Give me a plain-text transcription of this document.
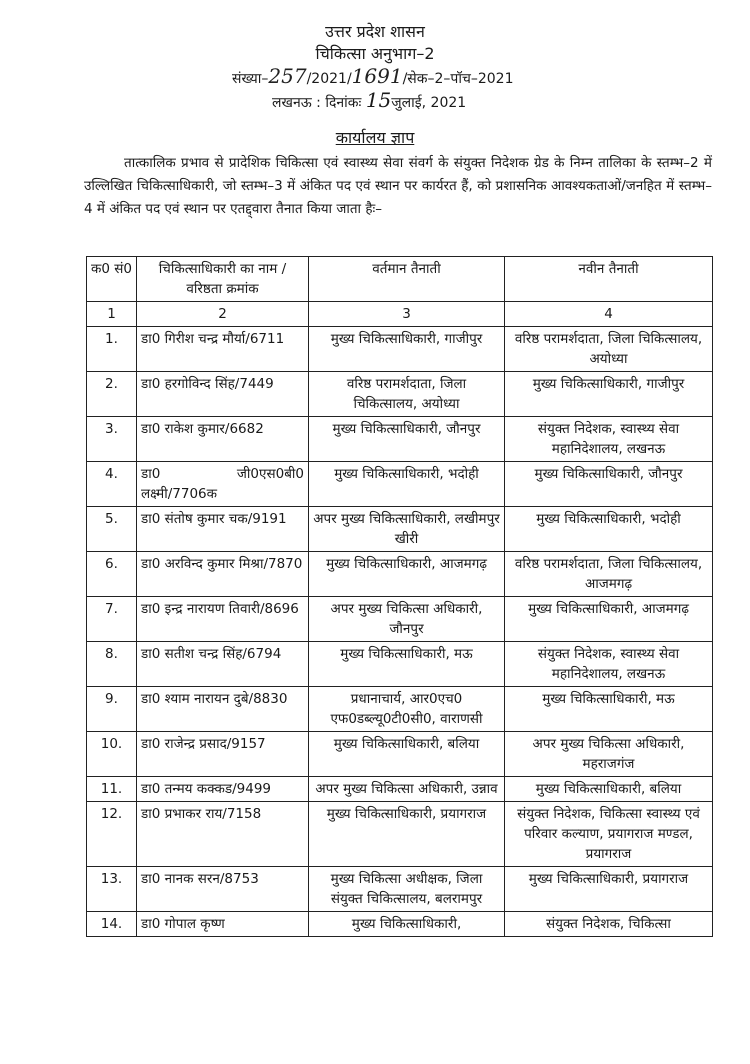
उत्तर प्रदेश शासन
चिकित्सा अनुभाग–2
संख्या–257/2021/1691/सेक–2–पॉच–2021
लखनऊ : दिनांकः 15जुलाई, 2021
कार्यालय ज्ञाप
तात्कालिक प्रभाव से प्रादेशिक चिकित्सा एवं स्वास्थ्य सेवा संवर्ग के संयुक्त निदेशक ग्रेड के निम्न तालिका के स्तम्भ–2 में उल्लिखित चिकित्साधिकारी, जो स्तम्भ–3 में अंकित पद एवं स्थान पर कार्यरत हैं, को प्रशासनिक आवश्यकताओं/जनहित में स्तम्भ–4 में अंकित पद एवं स्थान पर एतद्द्वारा तैनात किया जाता हैः–
क0 सं0	चिकित्साधिकारी का नाम / वरिष्ठता क्रमांक	वर्तमान तैनाती	नवीन तैनाती
1	2	3	4
1.	डा0 गिरीश चन्द्र मौर्या/6711	मुख्य चिकित्साधिकारी, गाजीपुर	वरिष्ठ परामर्शदाता, जिला चिकित्सालय, अयोध्या
2.	डा0 हरगोविन्द सिंह/7449	वरिष्ठ परामर्शदाता, जिला चिकित्सालय, अयोध्या	मुख्य चिकित्साधिकारी, गाजीपुर
3.	डा0 राकेश कुमार/6682	मुख्य चिकित्साधिकारी, जौनपुर	संयुक्त निदेशक, स्वास्थ्य सेवा महानिदेशालय, लखनऊ
4.	डा0 जी0एस0बी0 लक्ष्मी/7706क	मुख्य चिकित्साधिकारी, भदोही	मुख्य चिकित्साधिकारी, जौनपुर
5.	डा0 संतोष कुमार चक/9191	अपर मुख्य चिकित्साधिकारी, लखीमपुर खीरी	मुख्य चिकित्साधिकारी, भदोही
6.	डा0 अरविन्द कुमार मिश्रा/7870	मुख्य चिकित्साधिकारी, आजमगढ़	वरिष्ठ परामर्शदाता, जिला चिकित्सालय, आजमगढ़
7.	डा0 इन्द्र नारायण तिवारी/8696	अपर मुख्य चिकित्सा अधिकारी, जौनपुर	मुख्य चिकित्साधिकारी, आजमगढ़
8.	डा0 सतीश चन्द्र सिंह/6794	मुख्य चिकित्साधिकारी, मऊ	संयुक्त निदेशक, स्वास्थ्य सेवा महानिदेशालय, लखनऊ
9.	डा0 श्याम नारायन दुबे/8830	प्रधानाचार्य, आर0एच0 एफ0डब्ल्यू0टी0सी0, वाराणसी	मुख्य चिकित्साधिकारी, मऊ
10.	डा0 राजेन्द्र प्रसाद/9157	मुख्य चिकित्साधिकारी, बलिया	अपर मुख्य चिकित्सा अधिकारी, महराजगंज
11.	डा0 तन्मय कक्कड/9499	अपर मुख्य चिकित्सा अधिकारी, उन्नाव	मुख्य चिकित्साधिकारी, बलिया
12.	डा0 प्रभाकर राय/7158	मुख्य चिकित्साधिकारी, प्रयागराज	संयुक्त निदेशक, चिकित्सा स्वास्थ्य एवं परिवार कल्याण, प्रयागराज मण्डल, प्रयागराज
13.	डा0 नानक सरन/8753	मुख्य चिकित्सा अधीक्षक, जिला संयुक्त चिकित्सालय, बलरामपुर	मुख्य चिकित्साधिकारी, प्रयागराज
14.	डा0 गोपाल कृष्ण	मुख्य चिकित्साधिकारी,	संयुक्त निदेशक, चिकित्सा
